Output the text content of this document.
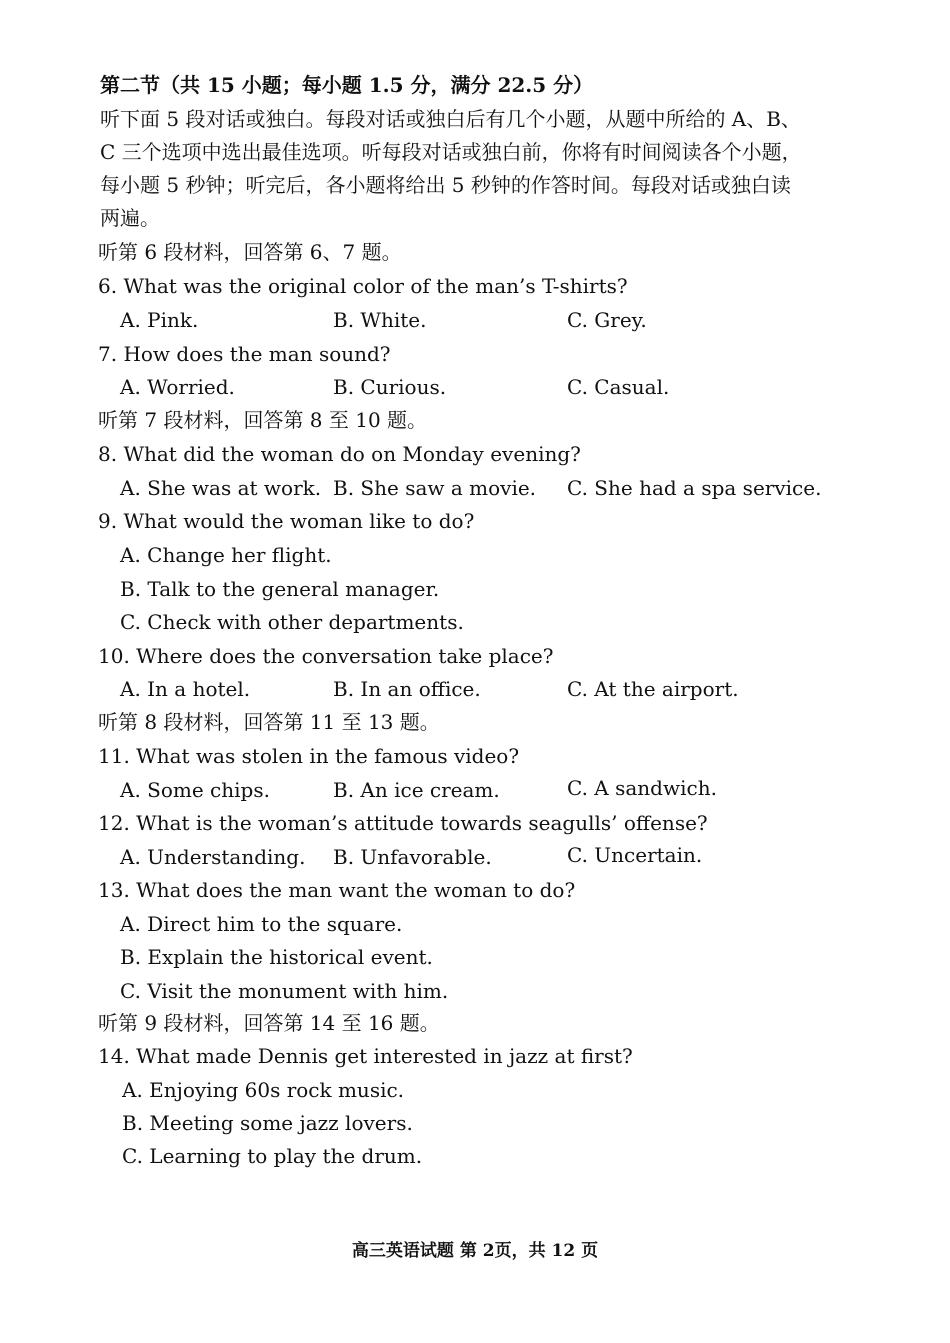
第二节（共 15 小题；每小题 1.5 分，满分 22.5 分）
听下面 5 段对话或独白。每段对话或独白后有几个小题，从题中所给的 A、B、
C 三个选项中选出最佳选项。听每段对话或独白前，你将有时间阅读各个小题，
每小题 5 秒钟；听完后，各小题将给出 5 秒钟的作答时间。每段对话或独白读
两遍。
听第 6 段材料，回答第 6、7 题。
6. What was the original color of the man’s T-shirts?
A. Pink.	B. White.	C. Grey.
7. How does the man sound?
A. Worried.	B. Curious.	C. Casual.
听第 7 段材料，回答第 8 至 10 题。
8. What did the woman do on Monday evening?
A. She was at work. B. She saw a movie. C. She had a spa service.
9. What would the woman like to do?
A. Change her flight.
B. Talk to the general manager.
C. Check with other departments.
10. Where does the conversation take place?
A. In a hotel.	B. In an office.	C. At the airport.
听第 8 段材料，回答第 11 至 13 题。
11. What was stolen in the famous video?
A. Some chips.	B. An ice cream.	C. A sandwich.
12. What is the woman’s attitude towards seagulls’ offense?
A. Understanding. B. Unfavorable.	C. Uncertain.
13. What does the man want the woman to do?
A. Direct him to the square.
B. Explain the historical event.
C. Visit the monument with him.
听第 9 段材料，回答第 14 至 16 题。
14. What made Dennis get interested in jazz at first?
A. Enjoying 60s rock music.
B. Meeting some jazz lovers.
C. Learning to play the drum.
高三英语试题 第 2页，共 12 页
